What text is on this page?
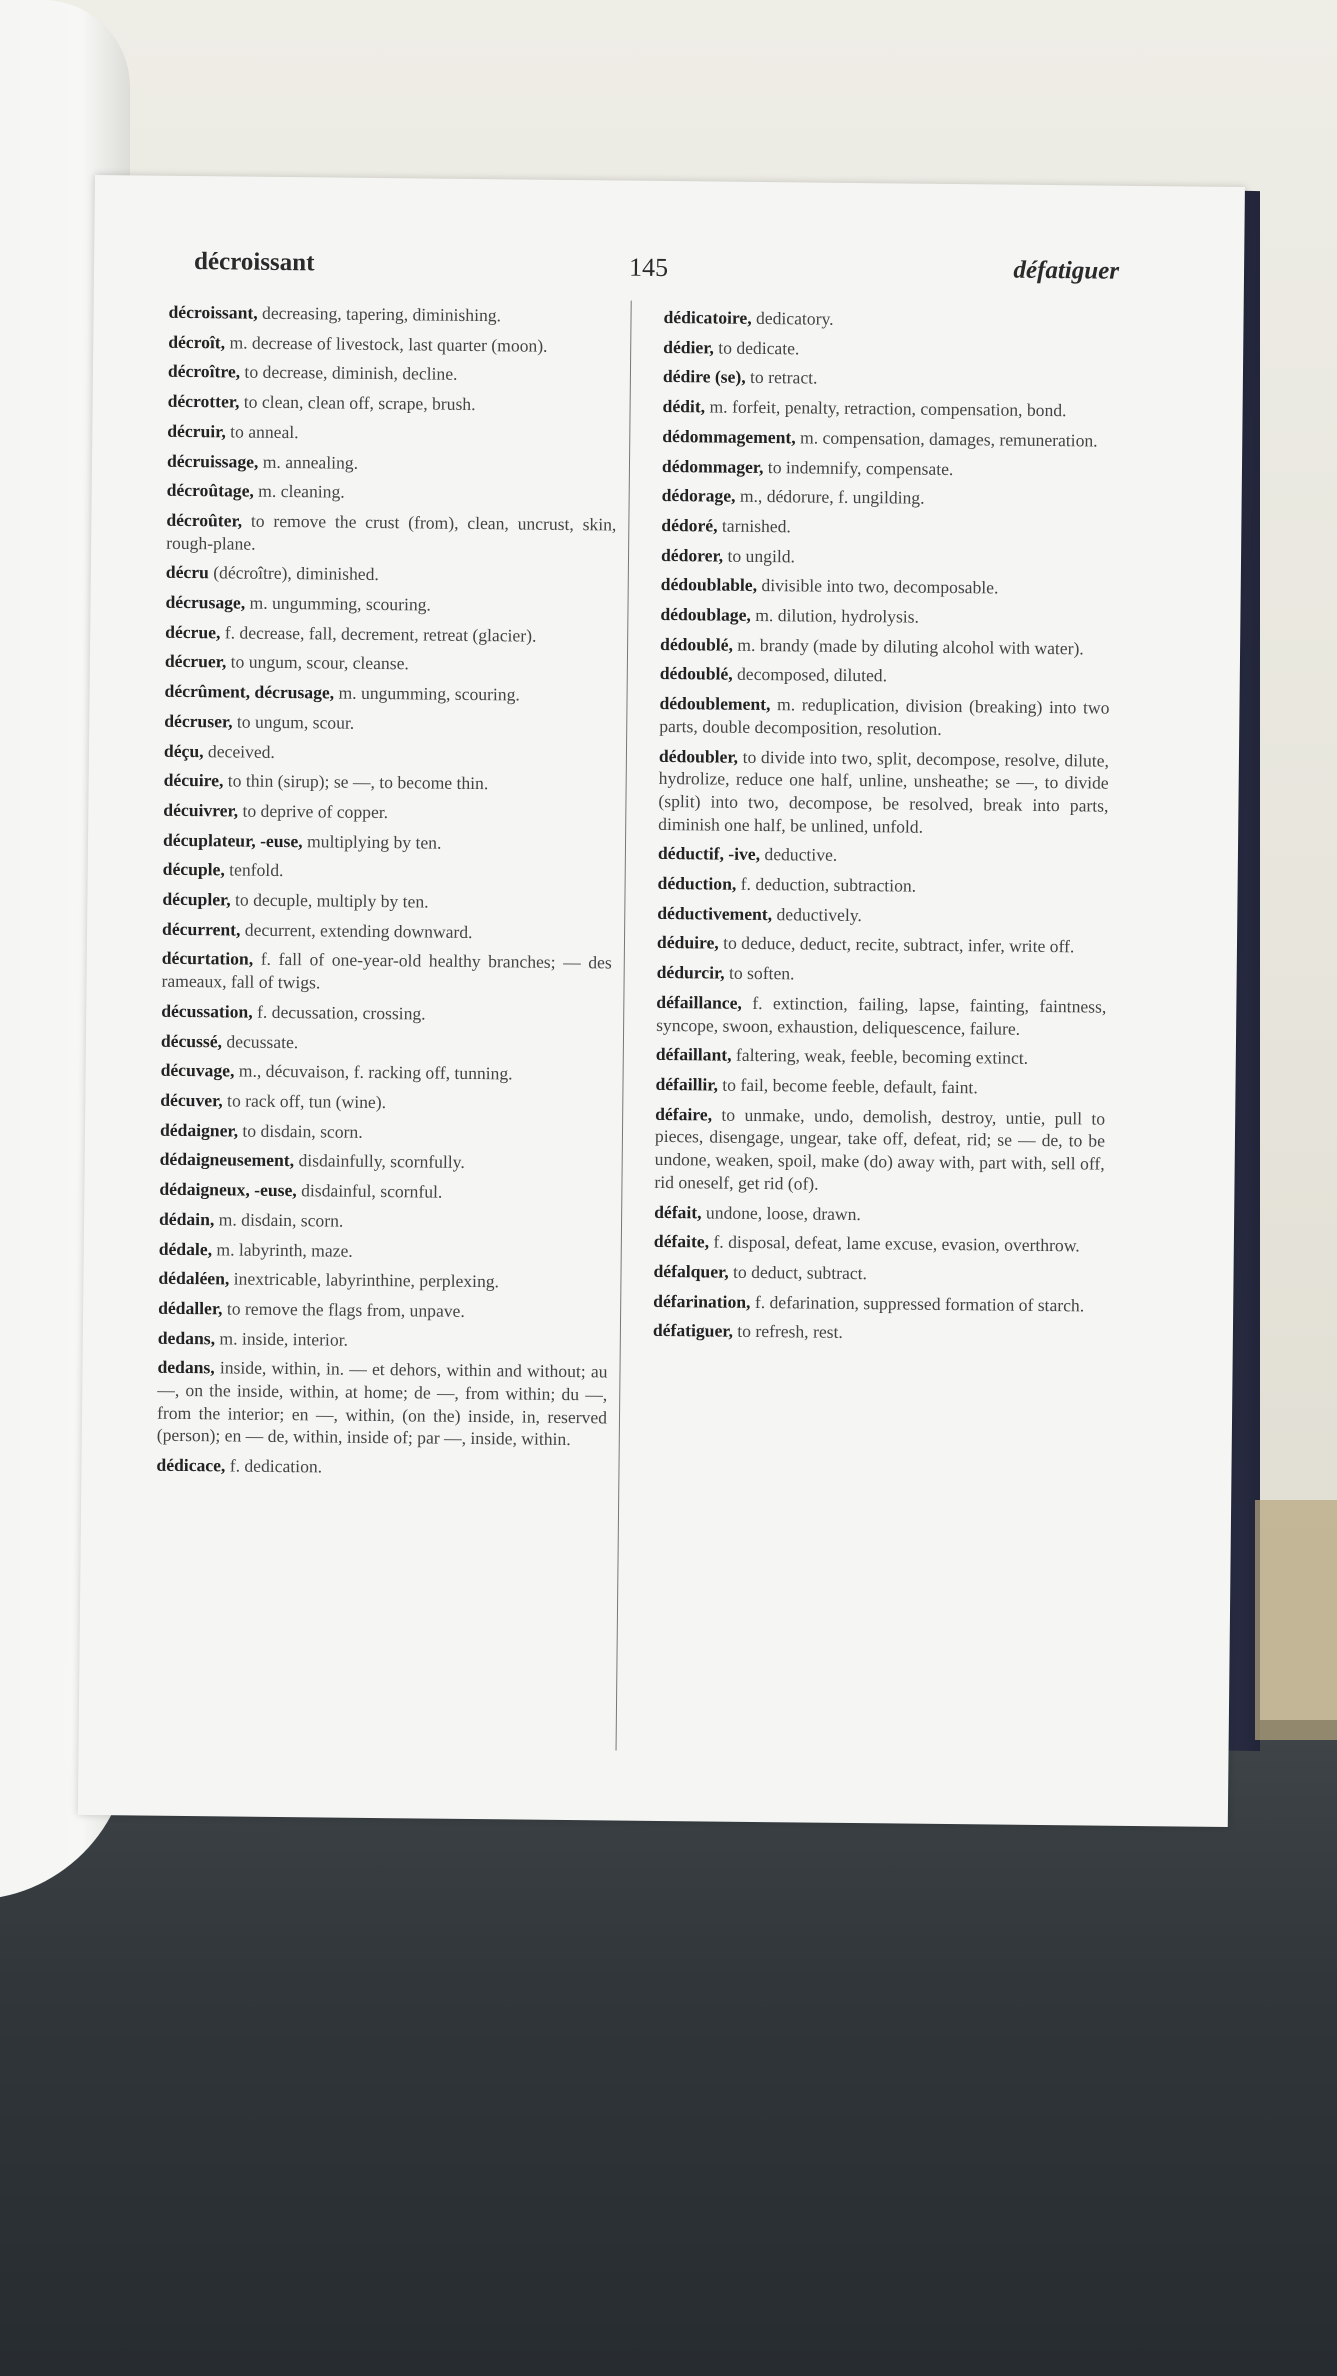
décroissant	145	défatiguer
décroissant, decreasing, tapering, diminishing.
décroît, m. decrease of livestock, last quarter (moon).
décroître, to decrease, diminish, decline.
décrotter, to clean, clean off, scrape, brush.
décruir, to anneal.
décruissage, m. annealing.
décroûtage, m. cleaning.
décroûter, to remove the crust (from), clean, uncrust, skin, rough-plane.
décru (décroître), diminished.
décrusage, m. ungumming, scouring.
décrue, f. decrease, fall, decrement, retreat (glacier).
décruer, to ungum, scour, cleanse.
décrûment, décrusage, m. ungumming, scouring.
décruser, to ungum, scour.
déçu, deceived.
décuire, to thin (sirup); se —, to become thin.
décuivrer, to deprive of copper.
décuplateur, -euse, multiplying by ten.
décuple, tenfold.
décupler, to decuple, multiply by ten.
décurrent, decurrent, extending downward.
décurtation, f. fall of one-year-old healthy branches; — des rameaux, fall of twigs.
décussation, f. decussation, crossing.
décussé, decussate.
décuvage, m., décuvaison, f. racking off, tunning.
décuver, to rack off, tun (wine).
dédaigner, to disdain, scorn.
dédaigneusement, disdainfully, scornfully.
dédaigneux, -euse, disdainful, scornful.
dédain, m. disdain, scorn.
dédale, m. labyrinth, maze.
dédaléen, inextricable, labyrinthine, perplexing.
dédaller, to remove the flags from, unpave.
dedans, m. inside, interior.
dedans, inside, within, in. — et dehors, within and without; au —, on the inside, within, at home; de —, from within; du —, from the interior; en —, within, (on the) inside, in, reserved (person); en — de, within, inside of; par —, inside, within.
dédicace, f. dedication.
dédicatoire, dedicatory.
dédier, to dedicate.
dédire (se), to retract.
dédit, m. forfeit, penalty, retraction, compensation, bond.
dédommagement, m. compensation, damages, remuneration.
dédommager, to indemnify, compensate.
dédorage, m., dédorure, f. ungilding.
dédoré, tarnished.
dédorer, to ungild.
dédoublable, divisible into two, decomposable.
dédoublage, m. dilution, hydrolysis.
dédoublé, m. brandy (made by diluting alcohol with water).
dédoublé, decomposed, diluted.
dédoublement, m. reduplication, division (breaking) into two parts, double decomposition, resolution.
dédoubler, to divide into two, split, decompose, resolve, dilute, hydrolize, reduce one half, unline, unsheathe; se —, to divide (split) into two, decompose, be resolved, break into parts, diminish one half, be unlined, unfold.
déductif, -ive, deductive.
déduction, f. deduction, subtraction.
déductivement, deductively.
déduire, to deduce, deduct, recite, subtract, infer, write off.
dédurcir, to soften.
défaillance, f. extinction, failing, lapse, fainting, faintness, syncope, swoon, exhaustion, deliquescence, failure.
défaillant, faltering, weak, feeble, becoming extinct.
défaillir, to fail, become feeble, default, faint.
défaire, to unmake, undo, demolish, destroy, untie, pull to pieces, disengage, ungear, take off, defeat, rid; se — de, to be undone, weaken, spoil, make (do) away with, part with, sell off, rid oneself, get rid (of).
défait, undone, loose, drawn.
défaite, f. disposal, defeat, lame excuse, evasion, overthrow.
défalquer, to deduct, subtract.
défarination, f. defarination, suppressed formation of starch.
défatiguer, to refresh, rest.
